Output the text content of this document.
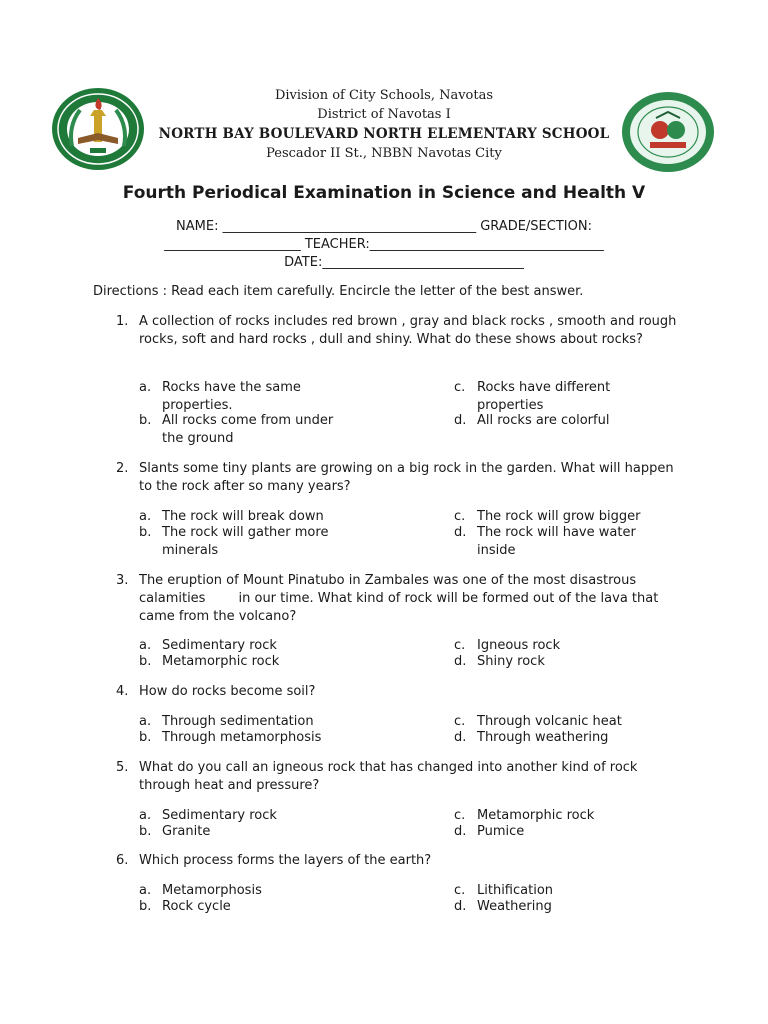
Division of City Schools, Navotas
District of Navotas I
NORTH BAY BOULEVARD NORTH ELEMENTARY SCHOOL
Pescador II St., NBBN Navotas City
Fourth Periodical Examination in Science and Health V
NAME: _______________________________________ GRADE/SECTION:
_____________________ TEACHER:____________________________________
DATE:_______________________________
Directions : Read each item carefully. Encircle the letter of the best answer.
1. A collection of rocks includes red brown , gray and black rocks , smooth and rough rocks, soft and hard rocks , dull and shiny. What do these shows about rocks?
a. Rocks have the same properties.
b. All rocks come from under the ground
c. Rocks have different properties
d. All rocks are colorful
2. Slants some tiny plants are growing on a big rock in the garden. What will happen to the rock after so many years?
a. The rock will break down
b. The rock will gather more minerals
c. The rock will grow bigger
d. The rock will have water inside
3. The eruption of Mount Pinatubo in Zambales was one of the most disastrous calamities        in our time. What kind of rock will be formed out of the lava that came from the volcano?
a. Sedimentary rock
b. Metamorphic rock
c. Igneous rock
d. Shiny rock
4. How do rocks become soil?
a. Through sedimentation
b. Through metamorphosis
c. Through volcanic heat
d. Through weathering
5. What do you call an igneous rock that has changed into another kind of rock through heat and pressure?
a. Sedimentary rock
b. Granite
c. Metamorphic rock
d. Pumice
6. Which process forms the layers of the earth?
a. Metamorphosis
b. Rock cycle
c. Lithification
d. Weathering
